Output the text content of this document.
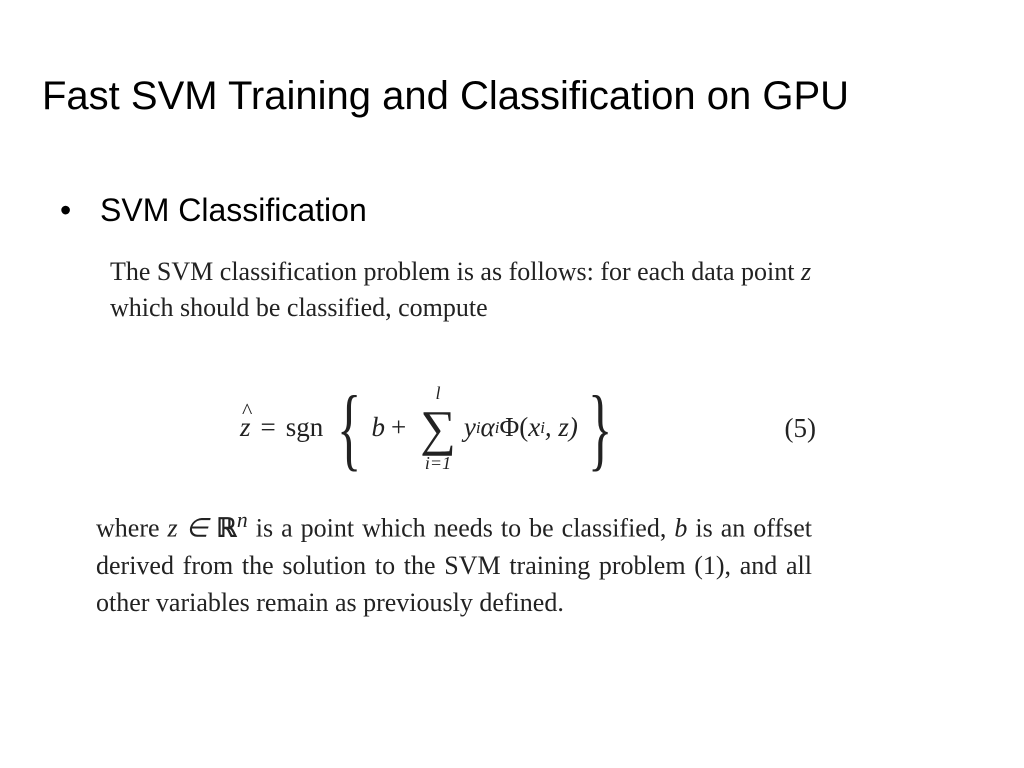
Fast SVM Training and Classification on GPU
• SVM Classification

The SVM classification problem is as follows: for each data point z which should be classified, compute

^ z = sgn { b +
l
∑
i=1
y i α i Φ( x i , z) }	(5)

where z ∈ ℝ$^n$ is a point which needs to be classified, b is an offset derived from the solution to the SVM training problem (1), and all other variables remain as previously defined.
